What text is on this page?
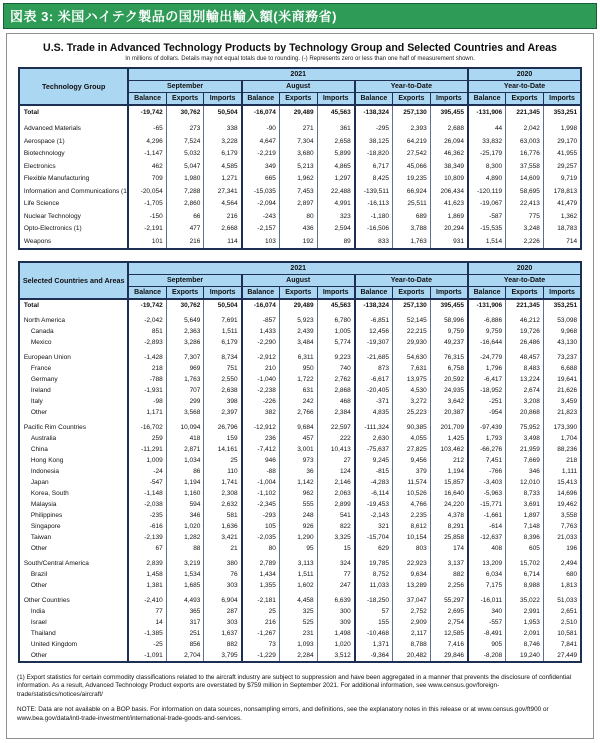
図表 3: 米国ハイテク製品の国別輸出輸入額(米商務省)
U.S. Trade in Advanced Technology Products by Technology Group and Selected Countries and Areas
In millions of dollars. Details may not equal totals due to rounding. (-) Represents zero or less than one half of measurement shown.
Technology Group	2021									2020		
	September			August			Year-to-Date			Year-to-Date		
	Balance	Exports	Imports	Balance	Exports	Imports	Balance	Exports	Imports	Balance	Exports	Imports
Total	-19,742	30,762	50,504	-16,074	29,489	45,563	-138,324	257,130	395,455	-131,906	221,345	353,251

Advanced Materials	-65	273	338	-90	271	361	-295	2,393	2,688	44	2,042	1,998
Aerospace (1)	4,296	7,524	3,228	4,647	7,304	2,658	38,125	64,219	26,094	33,832	63,003	29,170
Biotechnology	-1,147	5,032	6,179	-2,219	3,680	5,899	-18,820	27,542	46,362	-25,179	16,776	41,955
Electronics	462	5,047	4,585	349	5,213	4,865	6,717	45,066	38,349	8,300	37,558	29,257
Flexible Manufacturing	709	1,980	1,271	665	1,962	1,297	8,425	19,235	10,809	4,890	14,609	9,719
Information and Communications (1)	-20,054	7,288	27,341	-15,035	7,453	22,488	-139,511	66,924	206,434	-120,119	58,695	178,813
Life Science	-1,705	2,860	4,564	-2,094	2,897	4,991	-16,113	25,511	41,623	-19,067	22,413	41,479
Nuclear Technology	-150	66	216	-243	80	323	-1,180	689	1,869	-587	775	1,362
Opto-Electronics (1)	-2,191	477	2,668	-2,157	436	2,594	-16,506	3,788	20,294	-15,535	3,248	18,783
Weapons	101	216	114	103	192	89	833	1,763	931	1,514	2,226	714
Selected Countries and Areas	2021									2020		
	September			August			Year-to-Date			Year-to-Date		
	Balance	Exports	Imports	Balance	Exports	Imports	Balance	Exports	Imports	Balance	Exports	Imports
Total	-19,742	30,762	50,504	-16,074	29,489	45,563	-138,324	257,130	395,455	-131,906	221,345	353,251

North America	-2,042	5,649	7,691	-857	5,923	6,780	-6,851	52,145	58,996	-6,886	46,212	53,098
Canada	851	2,363	1,511	1,433	2,439	1,005	12,456	22,215	9,759	9,759	19,726	9,968
Mexico	-2,893	3,286	6,179	-2,290	3,484	5,774	-19,307	29,930	49,237	-16,644	26,486	43,130

European Union	-1,428	7,307	8,734	-2,912	6,311	9,223	-21,685	54,630	76,315	-24,779	48,457	73,237
France	218	969	751	210	950	740	873	7,631	6,758	1,796	8,483	6,688
Germany	-788	1,763	2,550	-1,040	1,722	2,762	-6,617	13,975	20,592	-6,417	13,224	19,641
Ireland	-1,931	707	2,638	-2,238	631	2,868	-20,405	4,530	24,935	-18,952	2,674	21,626
Italy	-98	299	398	-226	242	468	-371	3,272	3,642	-251	3,208	3,459
Other	1,171	3,568	2,397	382	2,766	2,384	4,835	25,223	20,387	-954	20,868	21,823

Pacific Rim Countries	-16,702	10,094	26,796	-12,912	9,684	22,597	-111,324	90,385	201,709	-97,439	75,952	173,390
Australia	259	418	159	236	457	222	2,630	4,055	1,425	1,793	3,498	1,704
China	-11,291	2,871	14,161	-7,412	3,001	10,413	-75,637	27,825	103,462	-66,276	21,959	88,236
Hong Kong	1,009	1,034	25	946	973	27	9,245	9,456	212	7,451	7,669	218
Indonesia	-24	86	110	-88	36	124	-815	379	1,194	-766	346	1,111
Japan	-547	1,194	1,741	-1,004	1,142	2,146	-4,283	11,574	15,857	-3,403	12,010	15,413
Korea, South	-1,148	1,160	2,308	-1,102	962	2,063	-6,114	10,526	16,640	-5,963	8,733	14,696
Malaysia	-2,038	594	2,632	-2,345	555	2,899	-19,453	4,766	24,220	-15,771	3,691	19,462
Philippines	-235	346	581	-293	248	541	-2,143	2,235	4,378	-1,661	1,897	3,558
Singapore	-616	1,020	1,636	105	926	822	321	8,612	8,291	-614	7,148	7,763
Taiwan	-2,139	1,282	3,421	-2,035	1,290	3,325	-15,704	10,154	25,858	-12,637	8,396	21,033
Other	67	88	21	80	95	15	629	803	174	408	605	196

South/Central America	2,839	3,219	380	2,789	3,113	324	19,785	22,923	3,137	13,209	15,702	2,494
Brazil	1,458	1,534	76	1,434	1,511	77	8,752	9,634	882	6,034	6,714	680
Other	1,381	1,685	303	1,355	1,602	247	11,033	13,289	2,256	7,175	8,988	1,813

Other Countries	-2,410	4,493	6,904	-2,181	4,458	6,639	-18,250	37,047	55,297	-16,011	35,022	51,033
India	77	365	287	25	325	300	57	2,752	2,695	340	2,991	2,651
Israel	14	317	303	216	525	309	155	2,909	2,754	-557	1,953	2,510
Thailand	-1,385	251	1,637	-1,267	231	1,498	-10,468	2,117	12,585	-8,491	2,091	10,581
United Kingdom	-25	856	882	73	1,093	1,020	1,371	8,788	7,416	905	8,746	7,841
Other	-1,091	2,704	3,795	-1,229	2,284	3,512	-9,364	20,482	29,846	-8,208	19,240	27,449

(1) Export statistics for certain commodity classifications related to the aircraft industry are subject to suppression and have been aggregated in a manner that prevents the disclosure of confidential information. As a result, Advanced Technology Product exports are overstated by $759 million in September 2021. For additional information, see www.census.gov/foreign-trade/statistics/notices/aircraft/

NOTE: Data are not available on a BOP basis. For information on data sources, nonsampling errors, and definitions, see the explanatory notes in this release or at www.census.gov/ft900 or www.bea.gov/data/intl-trade-investment/international-trade-goods-and-services.
